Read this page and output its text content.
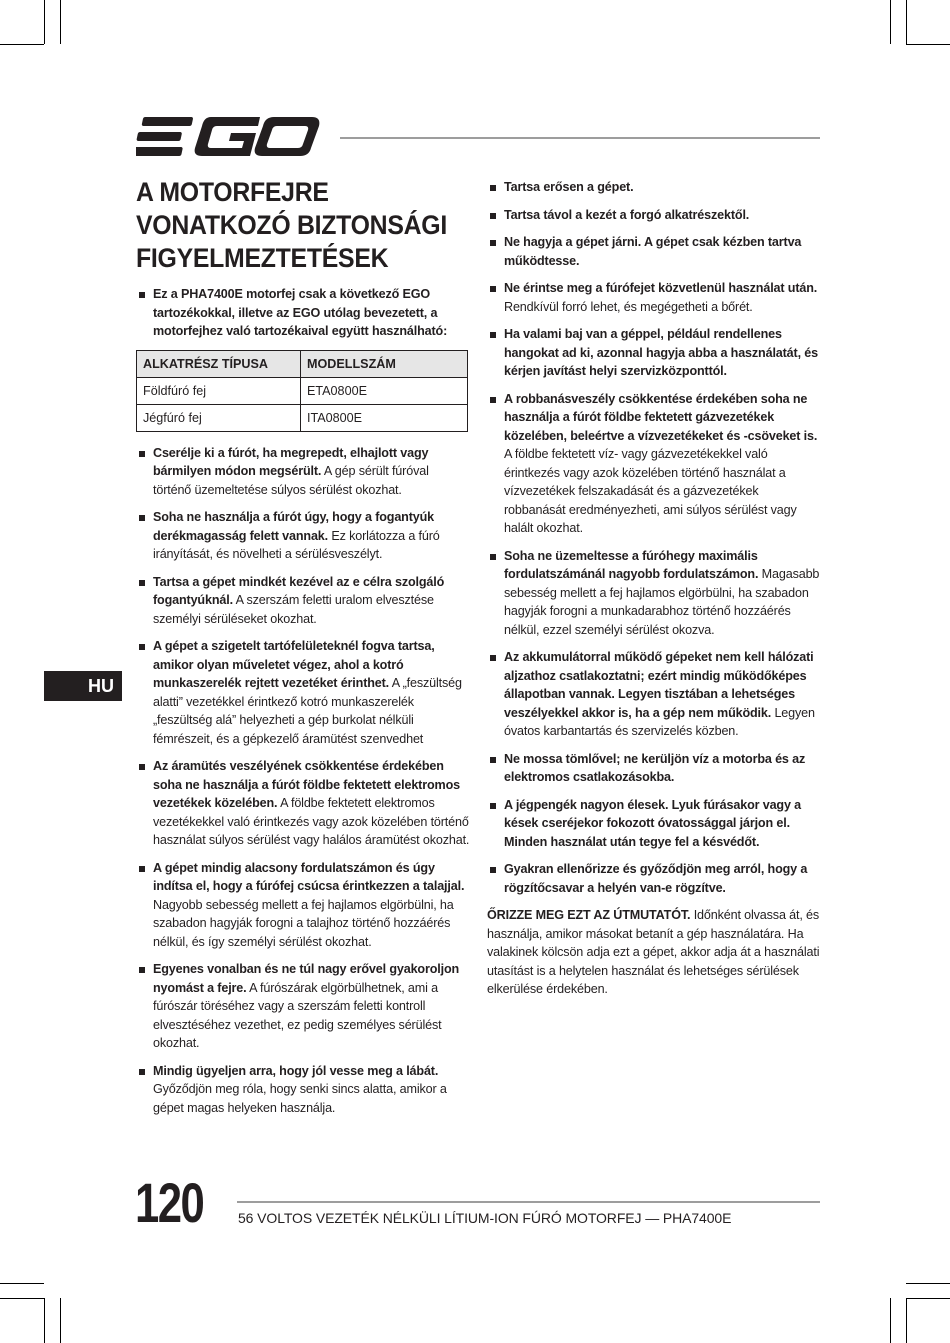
A MOTORFEJRE VONATKOZÓ BIZTONSÁGI FIGYELMEZTETÉSEK
Ez a PHA7400E motorfej csak a következő EGO tartozékokkal, illetve az EGO utólag bevezetett, a motorfejhez való tartozékaival együtt használható:
ALKATRÉSZ TÍPUSA	MODELLSZÁM
Földfúró fej	ETA0800E
Jégfúró fej	ITA0800E
Cserélje ki a fúrót, ha megrepedt, elhajlott vagy bármilyen módon megsérült. A gép sérült fúróval történő üzemeltetése súlyos sérülést okozhat.
Soha ne használja a fúrót úgy, hogy a fogantyúk derékmagasság felett vannak. Ez korlátozza a fúró irányítását, és növelheti a sérülésveszélyt.
Tartsa a gépet mindkét kezével az e célra szolgáló fogantyúknál. A szerszám feletti uralom elvesztése személyi sérüléseket okozhat.
A gépet a szigetelt tartófelületeknél fogva tartsa, amikor olyan műveletet végez, ahol a kotró munkaszerelék rejtett vezetéket érinthet. A „feszültség alatti” vezetékkel érintkező kotró munkaszerelék „feszültség alá” helyezheti a gép burkolat nélküli fémrészeit, és a gépkezelő áramütést szenvedhet
Az áramütés veszélyének csökkentése érdekében soha ne használja a fúrót földbe fektetett elektromos vezetékek közelében. A földbe fektetett elektromos vezetékekkel való érintkezés vagy azok közelében történő használat súlyos sérülést vagy halálos áramütést okozhat.
A gépet mindig alacsony fordulatszámon és úgy indítsa el, hogy a fúrófej csúcsa érintkezzen a talajjal. Nagyobb sebesség mellett a fej hajlamos elgörbülni, ha szabadon hagyják forogni a talajhoz történő hozzáérés nélkül, és így személyi sérülést okozhat.
Egyenes vonalban és ne túl nagy erővel gyakoroljon nyomást a fejre. A fúrószárak elgörbülhetnek, ami a fúrószár töréséhez vagy a szerszám feletti kontroll elvesztéséhez vezethet, ez pedig személyes sérülést okozhat.
Mindig ügyeljen arra, hogy jól vesse meg a lábát. Győződjön meg róla, hogy senki sincs alatta, amikor a gépet magas helyeken használja.
Tartsa erősen a gépet.
Tartsa távol a kezét a forgó alkatrészektől.
Ne hagyja a gépet járni. A gépet csak kézben tartva működtesse.
Ne érintse meg a fúrófejet közvetlenül használat után. Rendkívül forró lehet, és megégetheti a bőrét.
Ha valami baj van a géppel, például rendellenes hangokat ad ki, azonnal hagyja abba a használatát, és kérjen javítást helyi szervizközponttól.
A robbanásveszély csökkentése érdekében soha ne használja a fúrót földbe fektetett gázvezetékek közelében, beleértve a vízvezetékeket és -csöveket is. A földbe fektetett víz- vagy gázvezetékekkel való érintkezés vagy azok közelében történő használat a vízvezetékek felszakadását és a gázvezetékek robbanását eredményezheti, ami súlyos sérülést vagy halált okozhat.
Soha ne üzemeltesse a fúróhegy maximális fordulatszámánál nagyobb fordulatszámon. Magasabb sebesség mellett a fej hajlamos elgörbülni, ha szabadon hagyják forogni a munkadarabhoz történő hozzáérés nélkül, ezzel személyi sérülést okozva.
Az akkumulátorral működő gépeket nem kell hálózati aljzathoz csatlakoztatni; ezért mindig működőképes állapotban vannak. Legyen tisztában a lehetséges veszélyekkel akkor is, ha a gép nem működik. Legyen óvatos karbantartás és szervizelés közben.
Ne mossa tömlővel; ne kerüljön víz a motorba és az elektromos csatlakozásokba.
A jégpengék nagyon élesek. Lyuk fúrásakor vagy a kések cseréjekor fokozott óvatossággal járjon el. Minden használat után tegye fel a késvédőt.
Gyakran ellenőrizze és győződjön meg arról, hogy a rögzítőcsavar a helyén van-e rögzítve.

ŐRIZZE MEG EZT AZ ÚTMUTATÓT. Időnként olvassa át, és használja, amikor másokat betanít a gép használatára. Ha valakinek kölcsön adja ezt a gépet, akkor adja át a használati utasítást is a helytelen használat és lehetséges sérülések elkerülése érdekében.

HU
120 56 VOLTOS VEZETÉK NÉLKÜLI LÍTIUM-ION FÚRÓ MOTORFEJ — PHA7400E
